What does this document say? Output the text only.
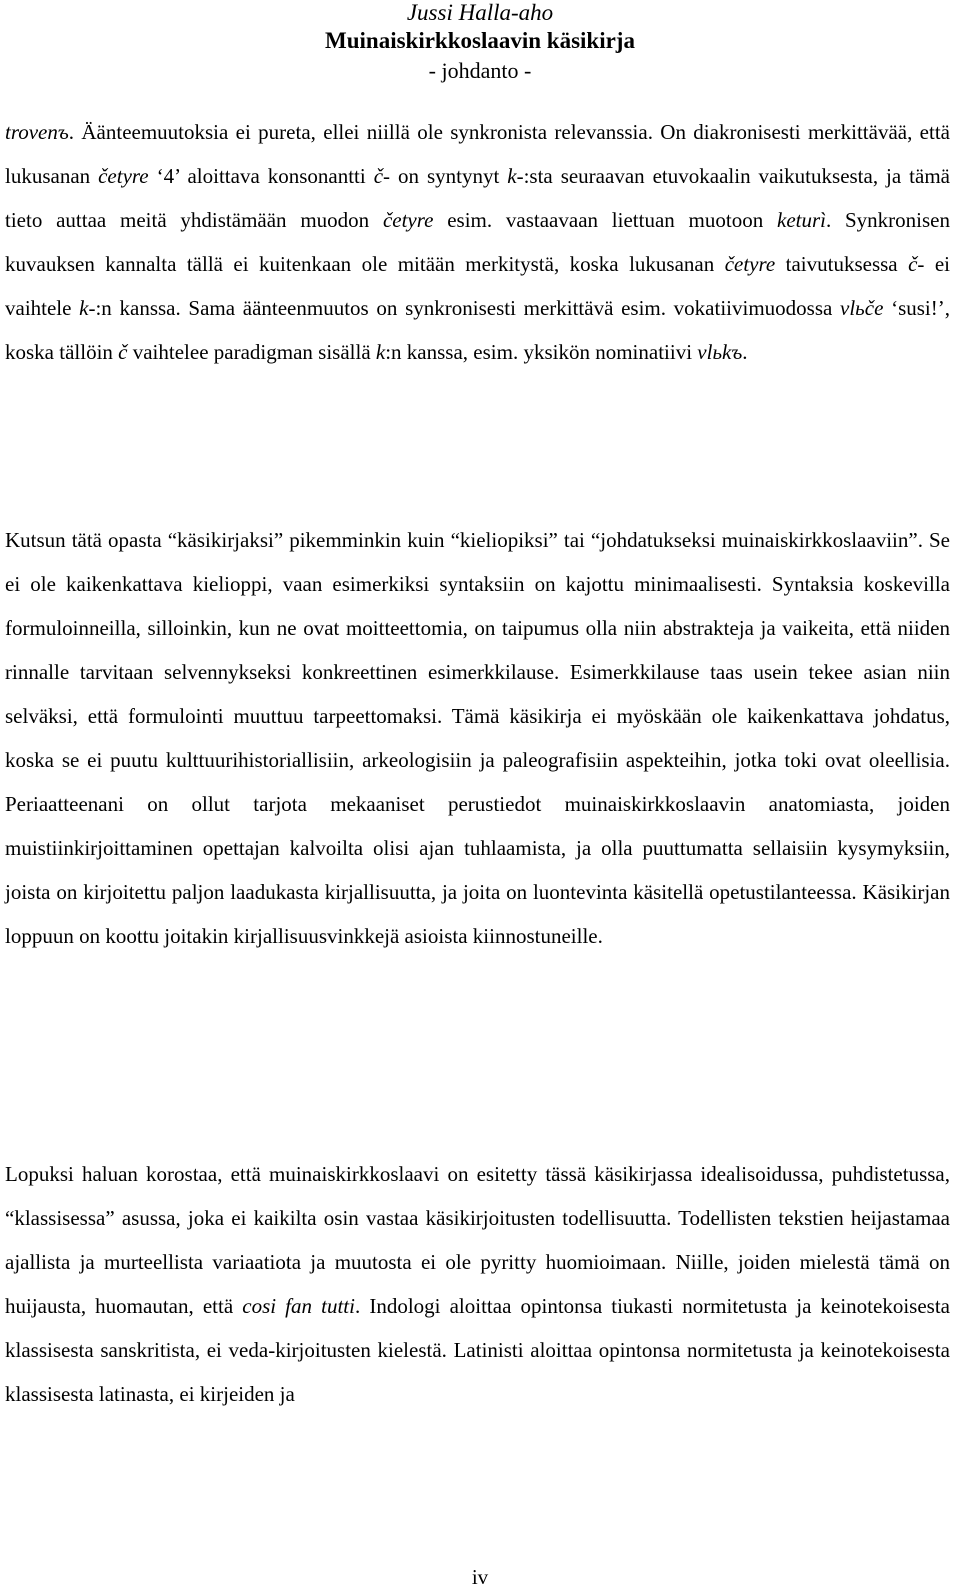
Jussi Halla-aho
Muinaiskirkkoslaavin käsikirja
- johdanto -
trovenъ. Äänteemuutoksia ei pureta, ellei niillä ole synkronista relevanssia. On diakronisesti merkittävää, että lukusanan četyre ‘4’ aloittava konsonantti č- on syntynyt k-:sta seuraavan etuvokaalin vaikutuksesta, ja tämä tieto auttaa meitä yhdistämään muodon četyre esim. vastaavaan liettuan muotoon keturì. Synkronisen kuvauksen kannalta tällä ei kuitenkaan ole mitään merkitystä, koska lukusanan četyre taivutuksessa č- ei vaihtele k-:n kanssa. Sama äänteenmuutos on synkronisesti merkittävä esim. vokatiivimuodossa vlьče ‘susi!’, koska tällöin č vaihtelee paradigman sisällä k:n kanssa, esim. yksikön nominatiivi vlьkъ.
Kutsun tätä opasta “käsikirjaksi” pikemminkin kuin “kieliopiksi” tai “johdatukseksi muinaiskirkkoslaaviin”. Se ei ole kaikenkattava kielioppi, vaan esimerkiksi syntaksiin on kajottu minimaalisesti. Syntaksia koskevilla formuloinneilla, silloinkin, kun ne ovat moitteettomia, on taipumus olla niin abstrakteja ja vaikeita, että niiden rinnalle tarvitaan selvennykseksi konkreettinen esimerkkilause. Esimerkkilause taas usein tekee asian niin selväksi, että formulointi muuttuu tarpeettomaksi. Tämä käsikirja ei myöskään ole kaikenkattava johdatus, koska se ei puutu kulttuurihistoriallisiin, arkeologisiin ja paleografisiin aspekteihin, jotka toki ovat oleellisia. Periaatteenani on ollut tarjota mekaaniset perustiedot muinaiskirkkoslaavin anatomiasta, joiden muistiinkirjoittaminen opettajan kalvoilta olisi ajan tuhlaamista, ja olla puuttumatta sellaisiin kysymyksiin, joista on kirjoitettu paljon laadukasta kirjallisuutta, ja joita on luontevinta käsitellä opetustilanteessa. Käsikirjan loppuun on koottu joitakin kirjallisuusvinkkejä asioista kiinnostuneille.
Lopuksi haluan korostaa, että muinaiskirkkoslaavi on esitetty tässä käsikirjassa idealisoidussa, puhdistetussa, “klassisessa” asussa, joka ei kaikilta osin vastaa käsikirjoitusten todellisuutta. Todellisten tekstien heijastamaa ajallista ja murteellista variaatiota ja muutosta ei ole pyritty huomioimaan. Niille, joiden mielestä tämä on huijausta, huomautan, että cosi fan tutti. Indologi aloittaa opintonsa tiukasti normitetusta ja keinotekoisesta klassisesta sanskritista, ei veda-kirjoitusten kielestä. Latinisti aloittaa opintonsa normitetusta ja keinotekoisesta klassisesta latinasta, ei kirjeiden ja
iv
